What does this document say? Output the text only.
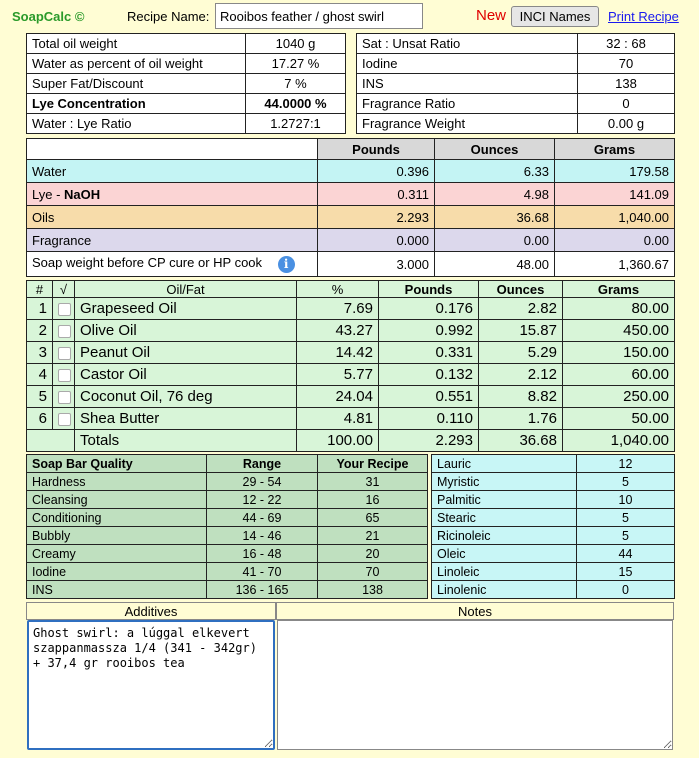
SoapCalc ©	Recipe Name:
Rooibos feather / ghost swirl	New	INCI Names	Print Recipe
Total oil weight	1040 g
Water as percent of oil weight	17.27 %
Super Fat/Discount	7 %
Lye Concentration	44.0000 %
Water : Lye Ratio	1.2727:1
Sat : Unsat Ratio	32 : 68
Iodine	70
INS	138
Fragrance Ratio	0
Fragrance Weight	0.00 g
	Pounds	Ounces	Grams
Water	0.396	6.33	179.58
Lye - NaOH	0.311	4.98	141.09
Oils	2.293	36.68	1,040.00
Fragrance	0.000	0.00	0.00
Soap weight before CP cure or HP cook i	3.000	48.00	1,360.67
#	√	Oil/Fat	%	Pounds	Ounces	Grams
1		Grapeseed Oil	7.69	0.176	2.82	80.00
2		Olive Oil	43.27	0.992	15.87	450.00
3		Peanut Oil	14.42	0.331	5.29	150.00
4		Castor Oil	5.77	0.132	2.12	60.00
5		Coconut Oil, 76 deg	24.04	0.551	8.82	250.00
6		Shea Butter	4.81	0.110	1.76	50.00
		Totals	100.00	2.293	36.68	1,040.00
Soap Bar Quality	Range	Your Recipe
Hardness	29 - 54	31
Cleansing	12 - 22	16
Conditioning	44 - 69	65
Bubbly	14 - 46	21
Creamy	16 - 48	20
Iodine	41 - 70	70
INS	136 - 165	138
Lauric	12
Myristic	5
Palmitic	10
Stearic	5
Ricinoleic	5
Oleic	44
Linoleic	15
Linolenic	0
Additives	Notes
Ghost swirl: a lúggal elkevert szappanmassza 1/4 (341 - 342gr) + 37,4 gr rooibos tea
